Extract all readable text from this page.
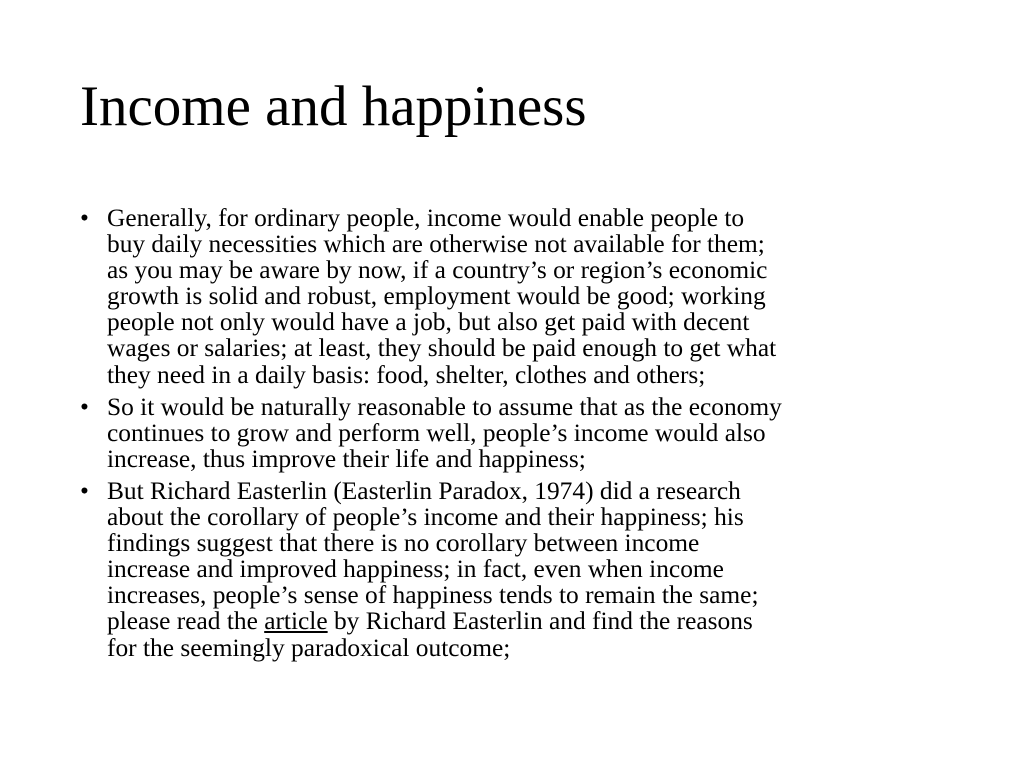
Income and happiness
• Generally, for ordinary people, income would enable people to
buy daily necessities which are otherwise not available for them;
as you may be aware by now, if a country’s or region’s economic
growth is solid and robust, employment would be good; working
people not only would have a job, but also get paid with decent
wages or salaries; at least, they should be paid enough to get what
they need in a daily basis: food, shelter, clothes and others;
• So it would be naturally reasonable to assume that as the economy
continues to grow and perform well, people’s income would also
increase, thus improve their life and happiness;
• But Richard Easterlin (Easterlin Paradox, 1974) did a research
about the corollary of people’s income and their happiness; his
findings suggest that there is no corollary between income
increase and improved happiness; in fact, even when income
increases, people’s sense of happiness tends to remain the same;
please read the article by Richard Easterlin and find the reasons
for the seemingly paradoxical outcome;
